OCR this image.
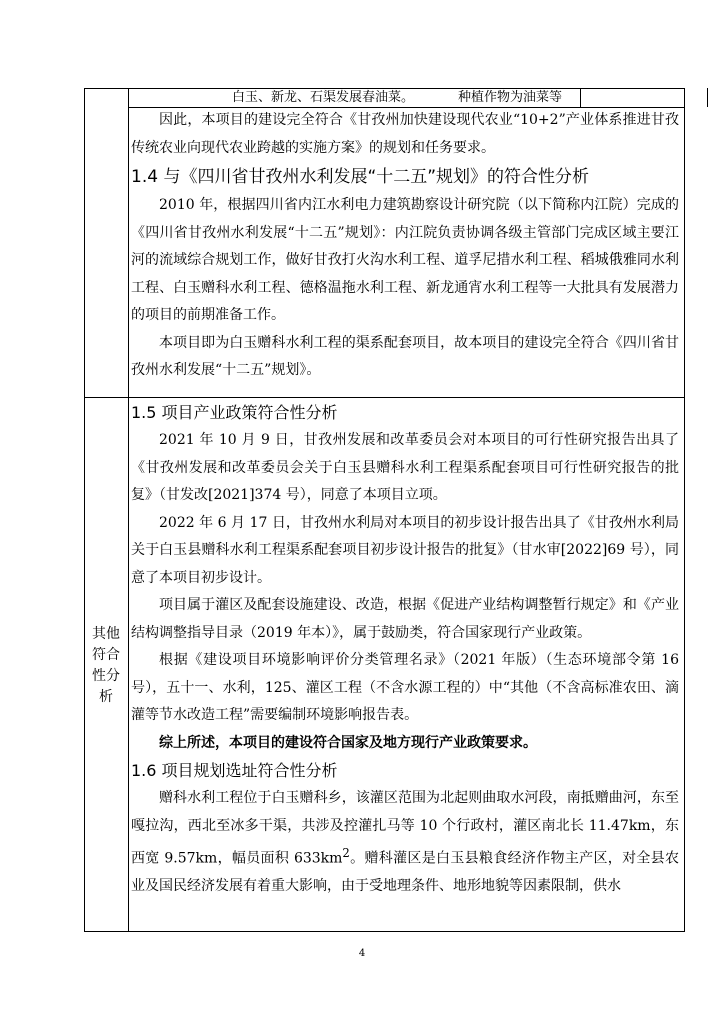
白玉、新龙、石渠发展春油菜。	种植作物为油菜等

因此，本项目的建设完全符合《甘孜州加快建设现代农业“10+2”产业体系推进甘孜传统农业向现代农业跨越的实施方案》的规划和任务要求。

1.4 与《四川省甘孜州水利发展“十二五”规划》的符合性分析

2010 年，根据四川省内江水利电力建筑勘察设计研究院（以下简称内江院）完成的《四川省甘孜州水利发展“十二五”规划》：内江院负责协调各级主管部门完成区域主要江河的流域综合规划工作，做好甘孜打火沟水利工程、道孚尼措水利工程、稻城俄雅同水利工程、白玉赠科水利工程、德格温拖水利工程、新龙通宵水利工程等一大批具有发展潜力的项目的前期准备工作。

本项目即为白玉赠科水利工程的渠系配套项目，故本项目的建设完全符合《四川省甘孜州水利发展“十二五”规划》。

其他符合性分析

1.5 项目产业政策符合性分析

2021 年 10 月 9 日，甘孜州发展和改革委员会对本项目的可行性研究报告出具了《甘孜州发展和改革委员会关于白玉县赠科水利工程渠系配套项目可行性研究报告的批复》（甘发改[2021]374 号），同意了本项目立项。

2022 年 6 月 17 日，甘孜州水利局对本项目的初步设计报告出具了《甘孜州水利局关于白玉县赠科水利工程渠系配套项目初步设计报告的批复》（甘水审[2022]69 号），同意了本项目初步设计。

项目属于灌区及配套设施建设、改造，根据《促进产业结构调整暂行规定》和《产业结构调整指导目录（2019 年本）》，属于鼓励类，符合国家现行产业政策。

根据《建设项目环境影响评价分类管理名录》（2021 年版）（生态环境部令第 16 号），五十一、水利，125、灌区工程（不含水源工程的）中“其他（不含高标准农田、滴灌等节水改造工程”需要编制环境影响报告表。

综上所述，本项目的建设符合国家及地方现行产业政策要求。

1.6 项目规划选址符合性分析

赠科水利工程位于白玉赠科乡，该灌区范围为北起则曲取水河段，南抵赠曲河，东至嘎拉沟，西北至冰多干渠，共涉及控灌扎马等 10 个行政村，灌区南北长 11.47km，东西宽 9.57km，幅员面积 $633km^2$。赠科灌区是白玉县粮食经济作物主产区，对全县农业及国民经济发展有着重大影响，由于受地理条件、地形地貌等因素限制，供水

4
